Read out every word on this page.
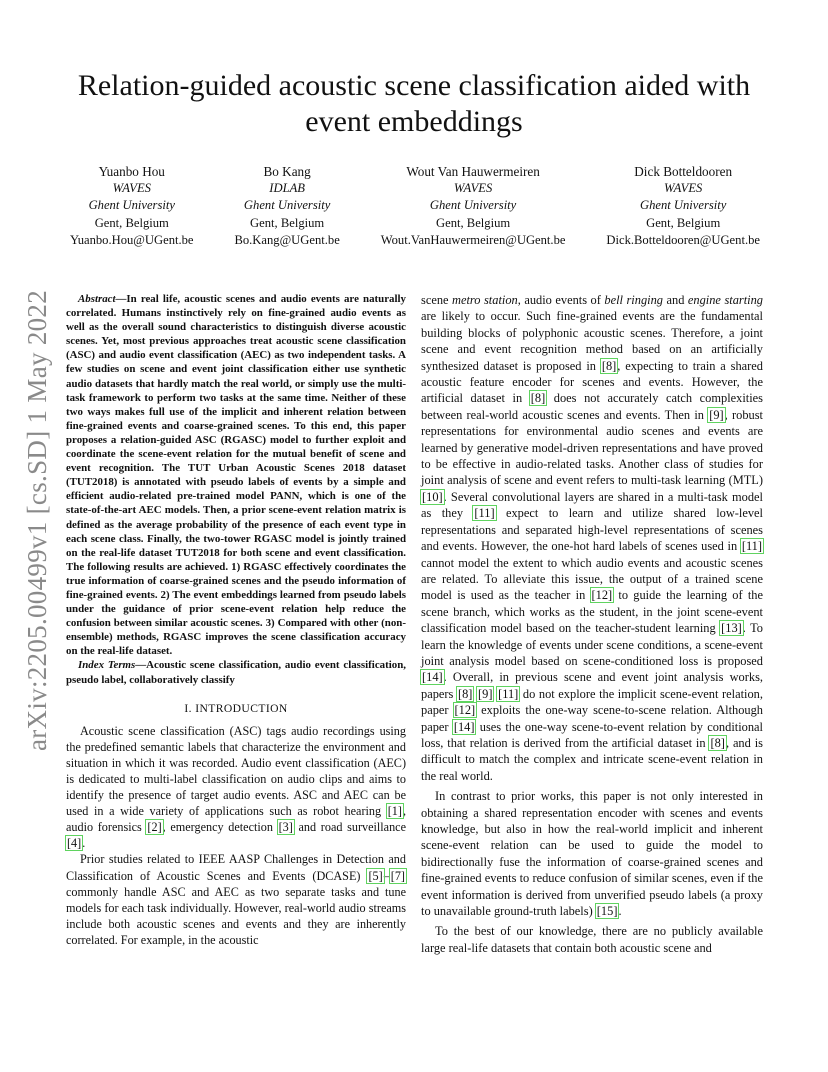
arXiv:2205.00499v1 [cs.SD] 1 May 2022
Relation-guided acoustic scene classification aided with event embeddings
Yuanbo Hou
WAVES
Ghent University
Gent, Belgium
Yuanbo.Hou@UGent.be
Bo Kang
IDLAB
Ghent University
Gent, Belgium
Bo.Kang@UGent.be
Wout Van Hauwermeiren
WAVES
Ghent University
Gent, Belgium
Wout.VanHauwermeiren@UGent.be
Dick Botteldooren
WAVES
Ghent University
Gent, Belgium
Dick.Botteldooren@UGent.be

Abstract—In real life, acoustic scenes and audio events are naturally correlated. Humans instinctively rely on fine-grained audio events as well as the overall sound characteristics to distinguish diverse acoustic scenes. Yet, most previous approaches treat acoustic scene classification (ASC) and audio event classification (AEC) as two independent tasks. A few studies on scene and event joint classification either use synthetic audio datasets that hardly match the real world, or simply use the multi-task framework to perform two tasks at the same time. Neither of these two ways makes full use of the implicit and inherent relation between fine-grained events and coarse-grained scenes. To this end, this paper proposes a relation-guided ASC (RGASC) model to further exploit and coordinate the scene-event relation for the mutual benefit of scene and event recognition. The TUT Urban Acoustic Scenes 2018 dataset (TUT2018) is annotated with pseudo labels of events by a simple and efficient audio-related pre-trained model PANN, which is one of the state-of-the-art AEC models. Then, a prior scene-event relation matrix is defined as the average probability of the presence of each event type in each scene class. Finally, the two-tower RGASC model is jointly trained on the real-life dataset TUT2018 for both scene and event classification. The following results are achieved. 1) RGASC effectively coordinates the true information of coarse-grained scenes and the pseudo information of fine-grained events. 2) The event embeddings learned from pseudo labels under the guidance of prior scene-event relation help reduce the confusion between similar acoustic scenes. 3) Compared with other (non-ensemble) methods, RGASC improves the scene classification accuracy on the real-life dataset.

Index Terms—Acoustic scene classification, audio event classification, pseudo label, collaboratively classify

I. INTRODUCTION

Acoustic scene classification (ASC) tags audio recordings using the predefined semantic labels that characterize the environment and situation in which it was recorded. Audio event classification (AEC) is dedicated to multi-label classification on audio clips and aims to identify the presence of target audio events. ASC and AEC can be used in a wide variety of applications such as robot hearing [1], audio forensics [2], emergency detection [3] and road surveillance [4].

Prior studies related to IEEE AASP Challenges in Detection and Classification of Acoustic Scenes and Events (DCASE) [5]–[7] commonly handle ASC and AEC as two separate tasks and tune models for each task individually. However, real-world audio streams include both acoustic scenes and events and they are inherently correlated. For example, in the acoustic

scene metro station, audio events of bell ringing and engine starting are likely to occur. Such fine-grained events are the fundamental building blocks of polyphonic acoustic scenes. Therefore, a joint scene and event recognition method based on an artificially synthesized dataset is proposed in [8], expecting to train a shared acoustic feature encoder for scenes and events. However, the artificial dataset in [8] does not accurately catch complexities between real-world acoustic scenes and events. Then in [9], robust representations for environmental audio scenes and events are learned by generative model-driven representations and have proved to be effective in audio-related tasks. Another class of studies for joint analysis of scene and event refers to multi-task learning (MTL) [10]. Several convolutional layers are shared in a multi-task model as they [11] expect to learn and utilize shared low-level representations and separated high-level representations of scenes and events. However, the one-hot hard labels of scenes used in [11] cannot model the extent to which audio events and acoustic scenes are related. To alleviate this issue, the output of a trained scene model is used as the teacher in [12] to guide the learning of the scene branch, which works as the student, in the joint scene-event classification model based on the teacher-student learning [13]. To learn the knowledge of events under scene conditions, a scene-event joint analysis model based on scene-conditioned loss is proposed [14]. Overall, in previous scene and event joint analysis works, papers [8] [9] [11] do not explore the implicit scene-event relation, paper [12] exploits the one-way scene-to-scene relation. Although paper [14] uses the one-way scene-to-event relation by conditional loss, that relation is derived from the artificial dataset in [8], and is difficult to match the complex and intricate scene-event relation in the real world.

In contrast to prior works, this paper is not only interested in obtaining a shared representation encoder with scenes and events knowledge, but also in how the real-world implicit and inherent scene-event relation can be used to guide the model to bidirectionally fuse the information of coarse-grained scenes and fine-grained events to reduce confusion of similar scenes, even if the event information is derived from unverified pseudo labels (a proxy to unavailable ground-truth labels) [15].

To the best of our knowledge, there are no publicly available large real-life datasets that contain both acoustic scene and
